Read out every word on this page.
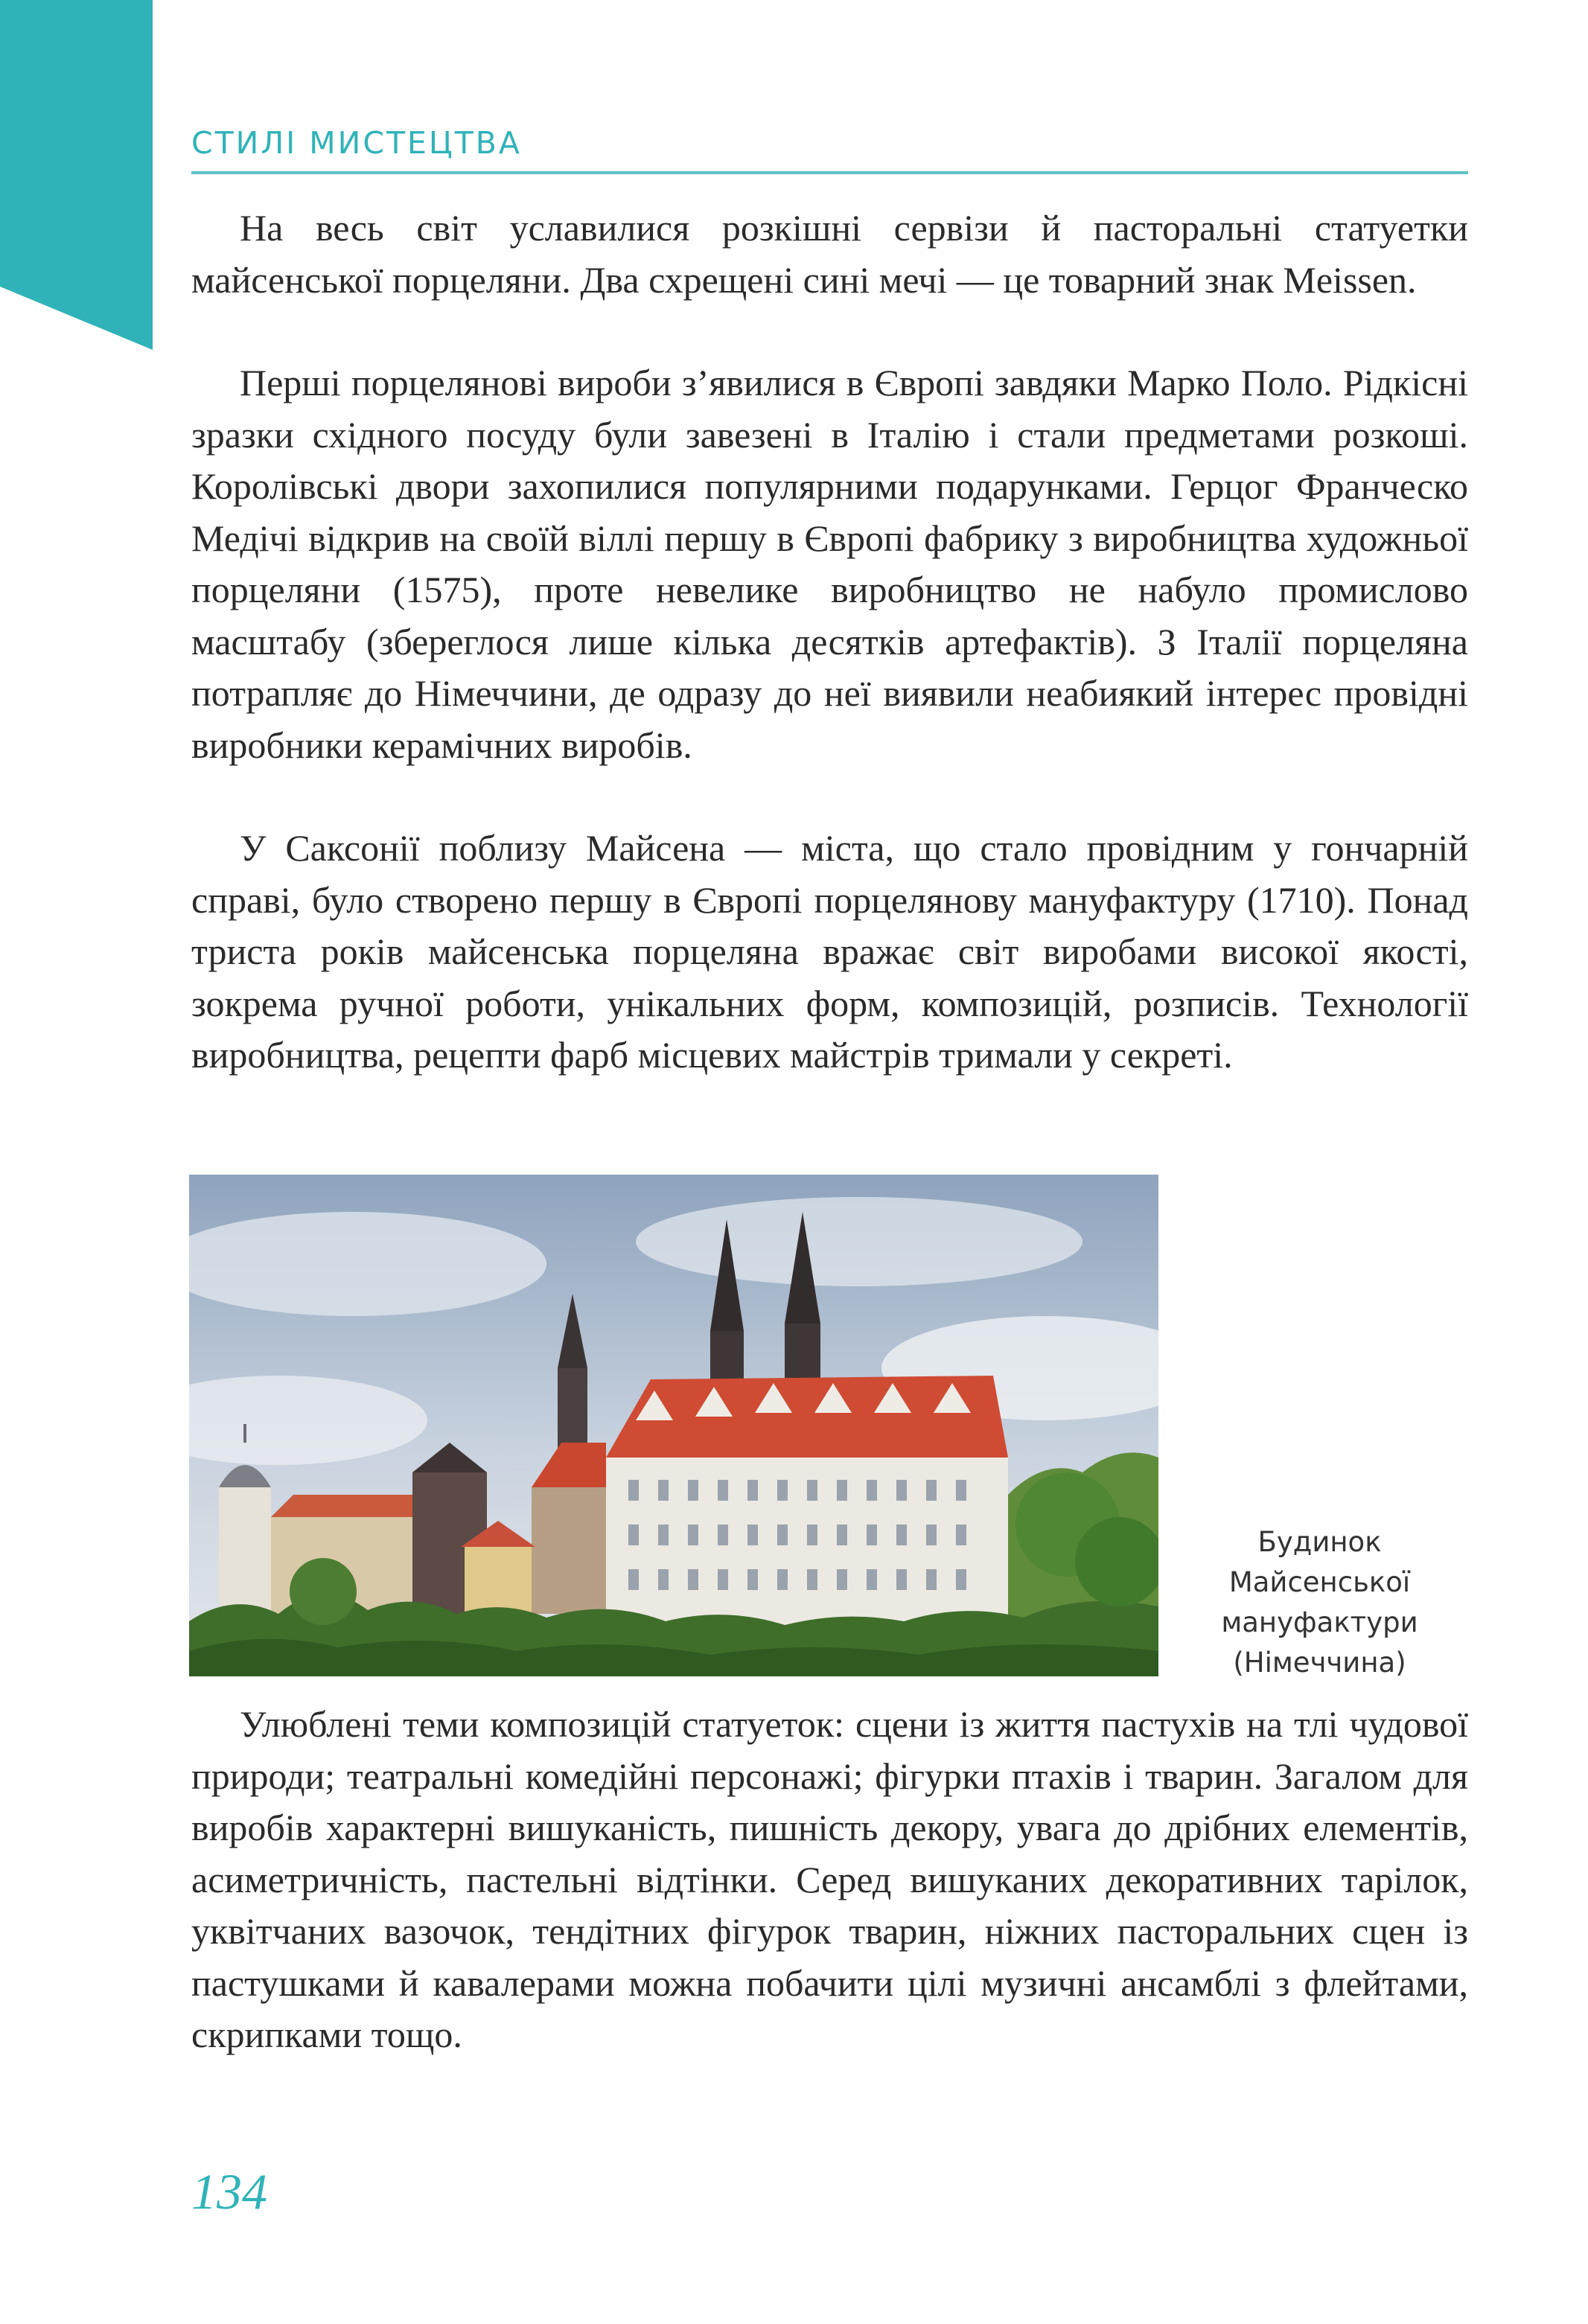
СТИЛІ МИСТЕЦТВА

На весь світ уславилися розкішні сервізи й пасторальні статуетки майсенської порцеляни. Два схрещені сині мечі — це товарний знак Meissen.

Перші порцелянові вироби з’явилися в Європі завдяки Марко Поло. Рідкісні зразки східного посуду були завезені в Італію і стали предметами розкоші. Королівські двори захопилися популярними подарунками. Герцог Франческо Медічі відкрив на своїй віллі першу в Європі фабрику з виробництва художньої порцеляни (1575), проте невелике виробництво не набуло промислово масштабу (збереглося лише кілька десятків артефактів). З Італії порцеляна потрапляє до Німеччини, де одразу до неї виявили неабиякий інтерес провідні виробники керамічних виробів.

У Саксонії поблизу Майсена — міста, що стало провідним у гончарній справі, було створено першу в Європі порцелянову мануфактуру (1710). Понад триста років майсенська порцеляна вражає світ виробами високої якості, зокрема ручної роботи, унікальних форм, композицій, розписів. Технології виробництва, рецепти фарб місцевих майстрів тримали у секреті.

Будинок
Майсенської
мануфактури
(Німеччина)

Улюблені теми композицій статуеток: сцени із життя пастухів на тлі чудової природи; театральні комедійні персонажі; фігурки птахів і тварин. Загалом для виробів характерні вишуканість, пишність декору, увага до дрібних елементів, асиметричність, пастельні відтінки. Серед вишуканих декоративних тарілок, уквітчаних вазочок, тендітних фігурок тварин, ніжних пасторальних сцен із пастушками й кавалерами можна побачити цілі музичні ансамблі з флейтами, скрипками тощо.

134
